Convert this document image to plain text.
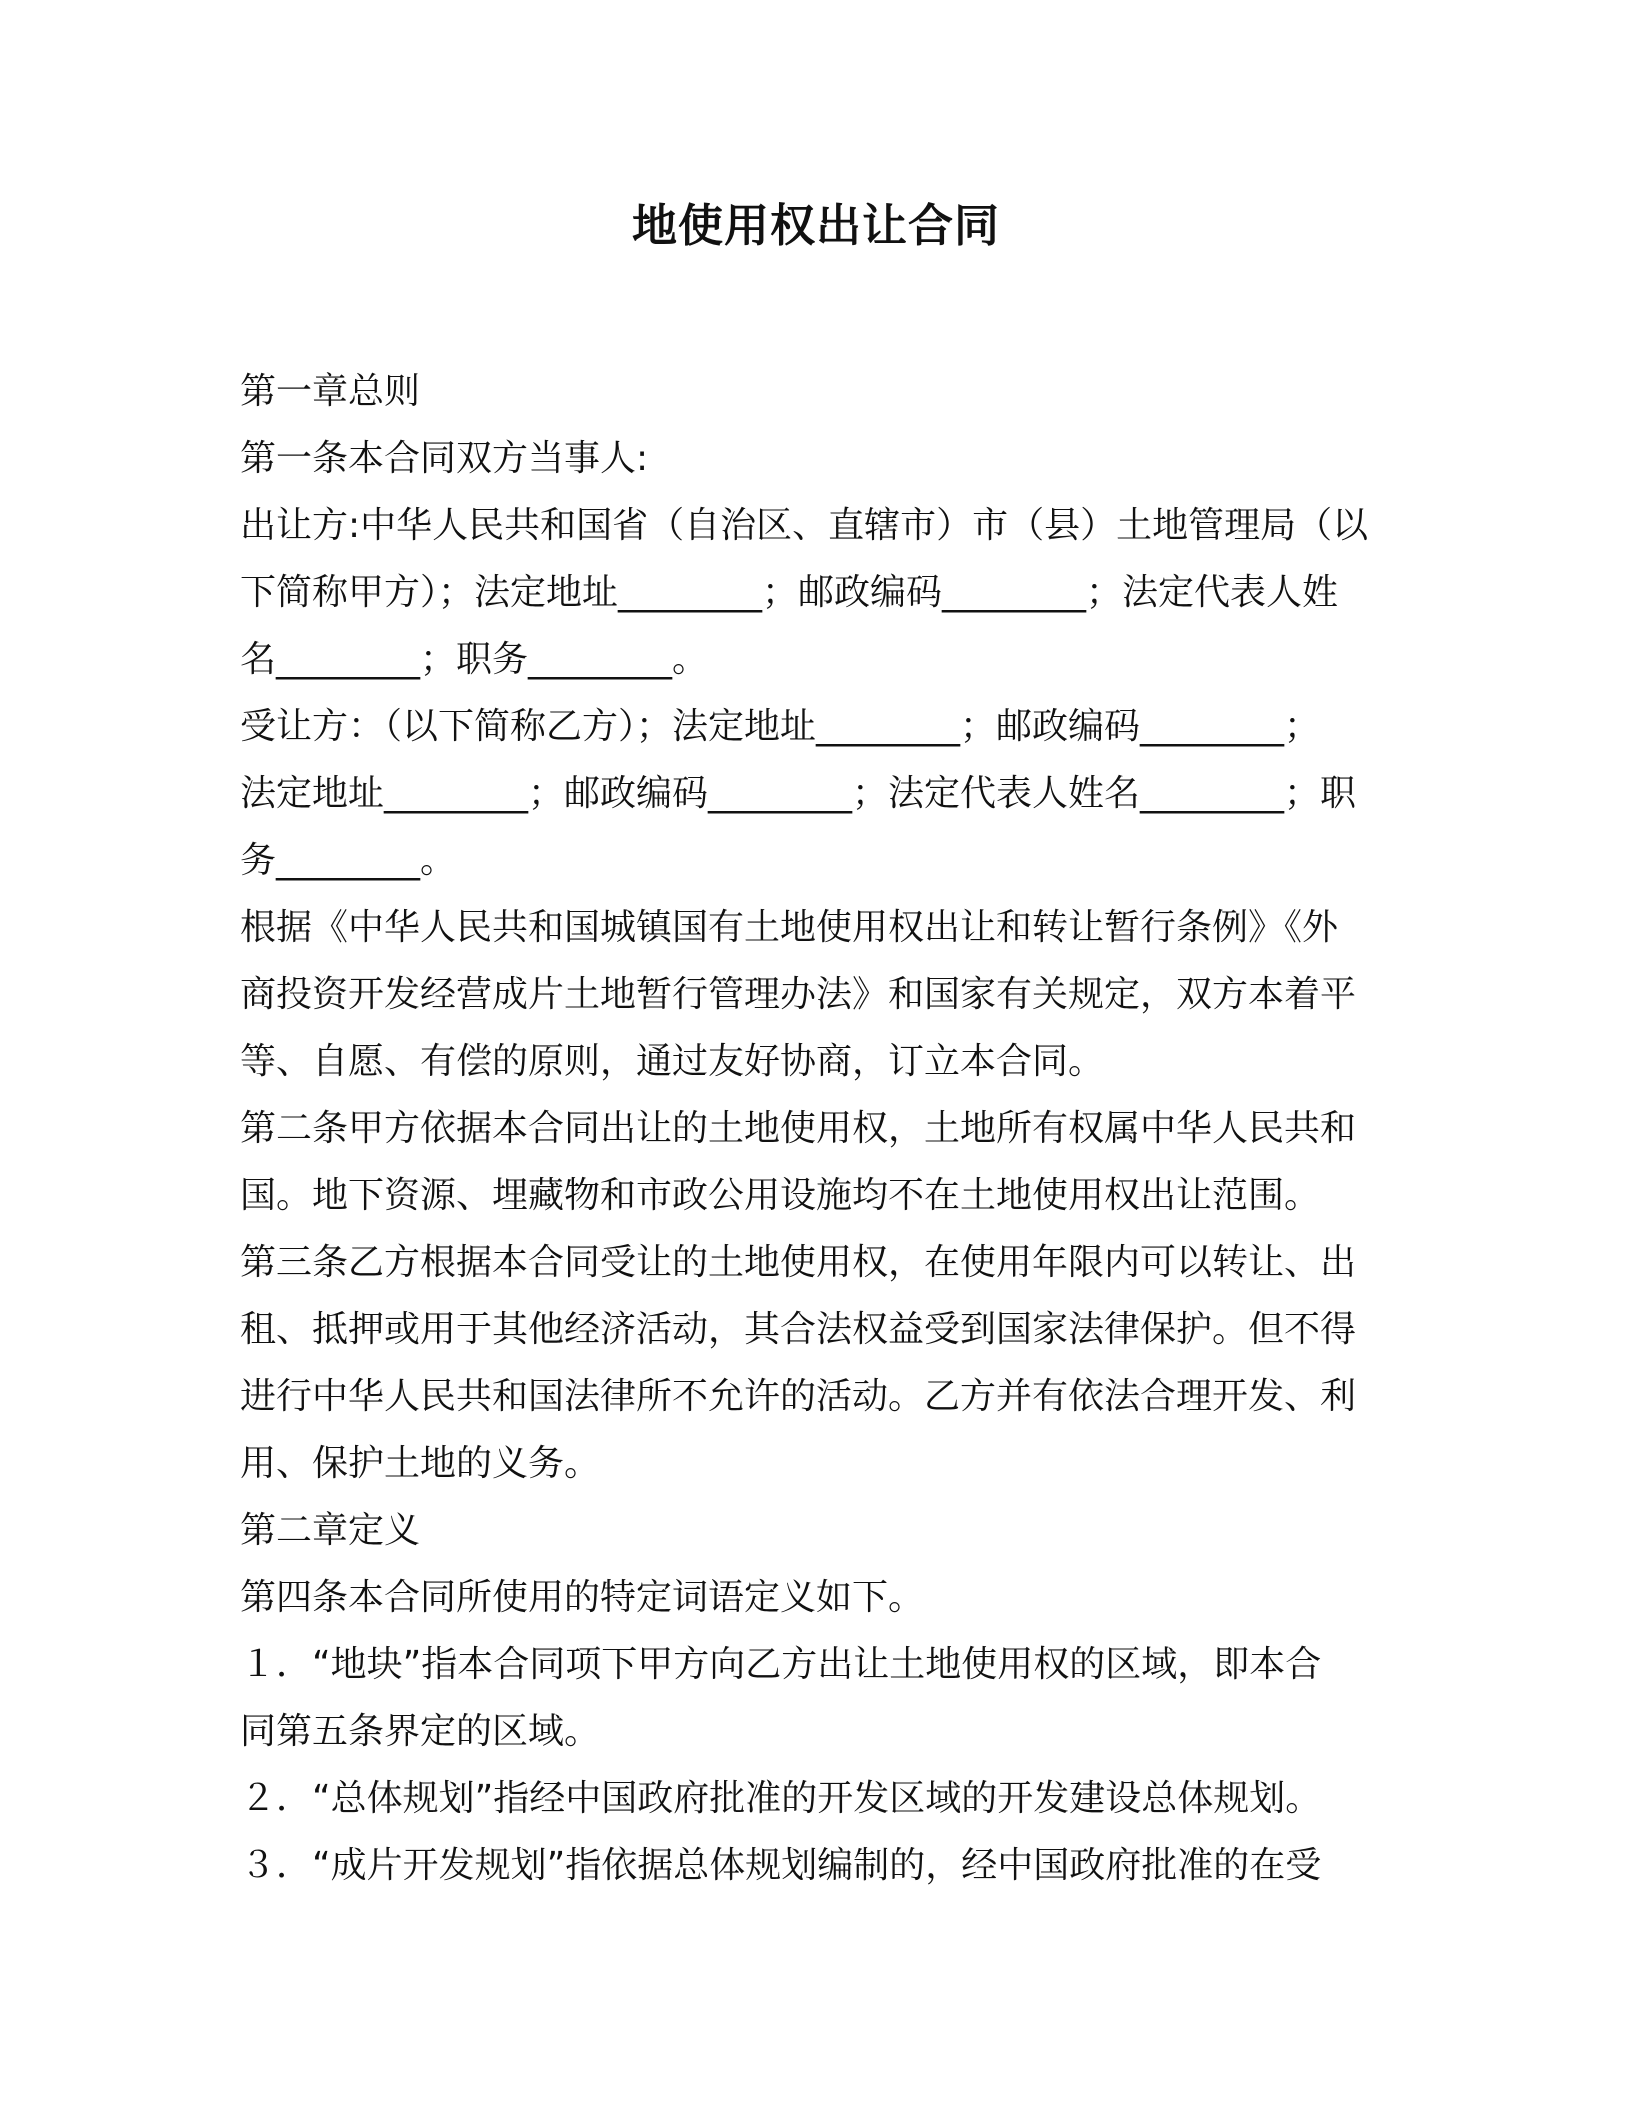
地使用权出让合同
第一章总则
第一条本合同双方当事人:
出让方:中华人民共和国省（自治区、直辖市）市（县）土地管理局（以
下简称甲方）；法定地址________；邮政编码________；法定代表人姓
名________；职务________。
受让方：（以下简称乙方）；法定地址________；邮政编码________；
法定地址________；邮政编码________；法定代表人姓名________；职
务________。
根据《中华人民共和国城镇国有土地使用权出让和转让暂行条例》《外
商投资开发经营成片土地暂行管理办法》和国家有关规定，双方本着平
等、自愿、有偿的原则，通过友好协商，订立本合同。
第二条甲方依据本合同出让的土地使用权，土地所有权属中华人民共和
国。地下资源、埋藏物和市政公用设施均不在土地使用权出让范围。
第三条乙方根据本合同受让的土地使用权，在使用年限内可以转让、出
租、抵押或用于其他经济活动，其合法权益受到国家法律保护。但不得
进行中华人民共和国法律所不允许的活动。乙方并有依法合理开发、利
用、保护土地的义务。
第二章定义
第四条本合同所使用的特定词语定义如下。
１．“地块”指本合同项下甲方向乙方出让土地使用权的区域，即本合
同第五条界定的区域。
２．“总体规划”指经中国政府批准的开发区域的开发建设总体规划。
３．“成片开发规划”指依据总体规划编制的，经中国政府批准的在受
